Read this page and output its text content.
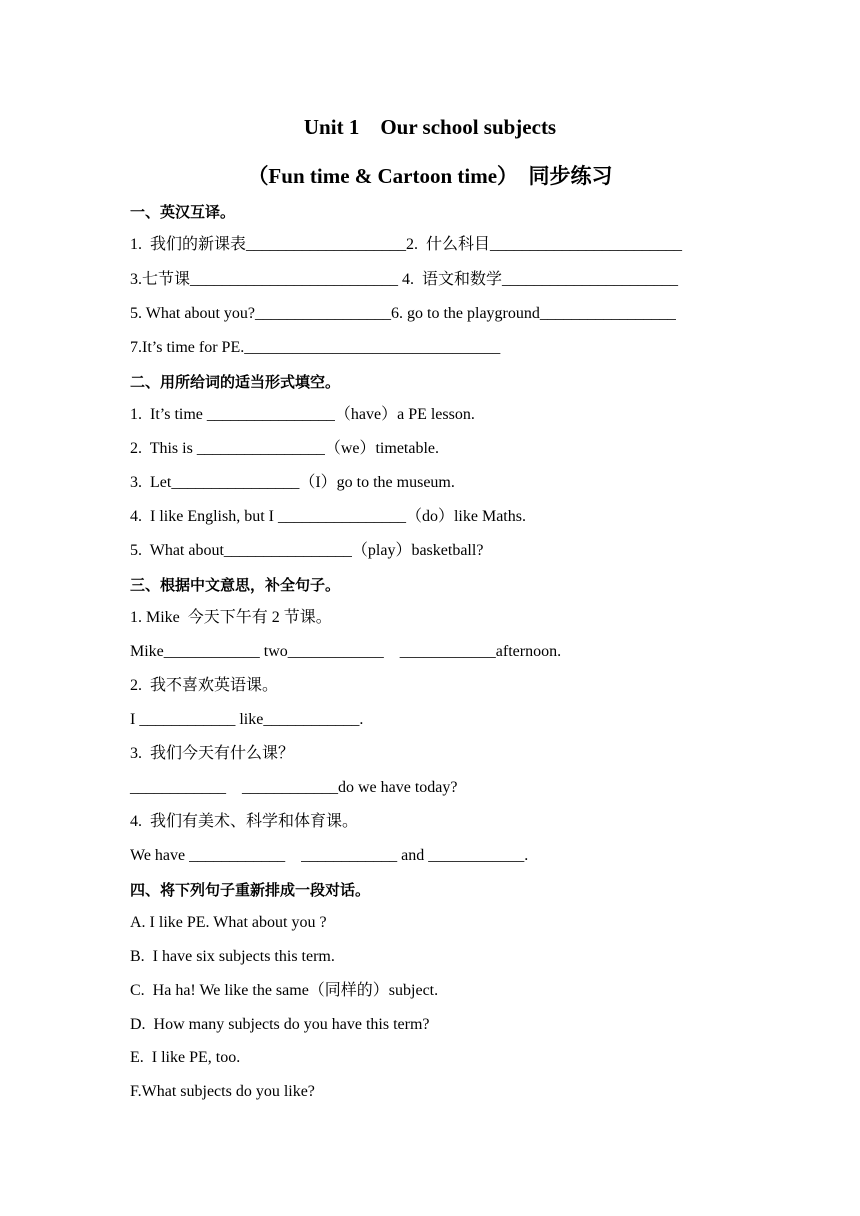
Unit 1    Our school subjects
（Fun time & Cartoon time）  同步练习
一、英汉互译。
1.  我们的新课表____________________2.  什么科目________________________
3.七节课__________________________ 4.  语文和数学______________________
5. What about you?_________________6. go to the playground_________________
7.It’s time for PE.________________________________
二、用所给词的适当形式填空。
1.  It’s time ________________（have）a PE lesson.
2.  This is ________________（we）timetable.
3.  Let________________（I）go to the museum.
4.  I like English, but I ________________（do）like Maths.
5.  What about________________（play）basketball?
三、根据中文意思，补全句子。
1. Mike  今天下午有 2 节课。
Mike____________ two____________    ____________afternoon.
2.  我不喜欢英语课。
I ____________ like____________.
3.  我们今天有什么课？
____________    ____________do we have today?
4.  我们有美术、科学和体育课。
We have ____________    ____________ and ____________.
四、将下列句子重新排成一段对话。
A. I like PE. What about you ?
B.  I have six subjects this term.
C.  Ha ha! We like the same（同样的）subject.
D.  How many subjects do you have this term?
E.  I like PE, too.
F.What subjects do you like?
